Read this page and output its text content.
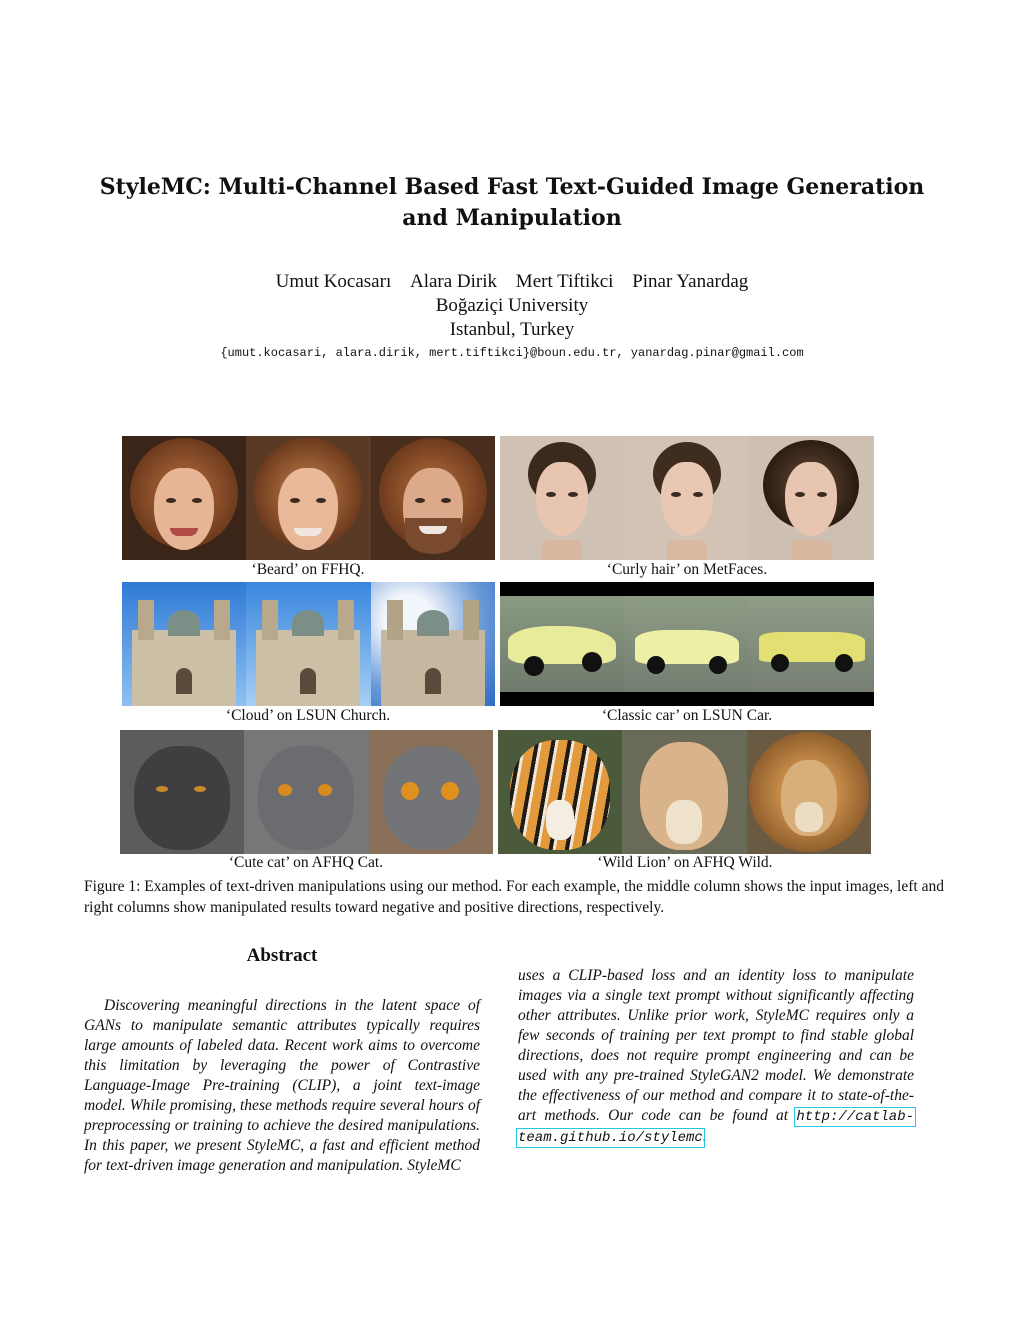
StyleMC: Multi-Channel Based Fast Text-Guided Image Generation
and Manipulation
Umut Kocasarı Alara Dirik Mert Tiftikci Pinar Yanardag
Boğaziçi University
Istanbul, Turkey
{umut.kocasari, alara.dirik, mert.tiftikci}@boun.edu.tr, yanardag.pinar@gmail.com
‘Beard’ on FFHQ.	‘Curly hair’ on MetFaces.
‘Cloud’ on LSUN Church.	‘Classic car’ on LSUN Car.
‘Cute cat’ on AFHQ Cat.	‘Wild Lion’ on AFHQ Wild.
Figure 1: Examples of text-driven manipulations using our method. For each example, the middle column shows the input images, left and right columns show manipulated results toward negative and positive directions, respectively.
Abstract
Discovering meaningful directions in the latent space of GANs to manipulate semantic attributes typically requires large amounts of labeled data. Recent work aims to overcome this limitation by leveraging the power of Contrastive Language-Image Pre-training (CLIP), a joint text-image model. While promising, these methods require several hours of preprocessing or training to achieve the desired manipulations. In this paper, we present StyleMC, a fast and efficient method for text-driven image generation and manipulation. StyleMC
uses a CLIP-based loss and an identity loss to manipulate images via a single text prompt without significantly affecting other attributes. Unlike prior work, StyleMC requires only a few seconds of training per text prompt to find stable global directions, does not require prompt engineering and can be used with any pre-trained StyleGAN2 model. We demonstrate the effectiveness of our method and compare it to state-of-the-art methods. Our code can be found at http://catlab-team.github.io/stylemc.
